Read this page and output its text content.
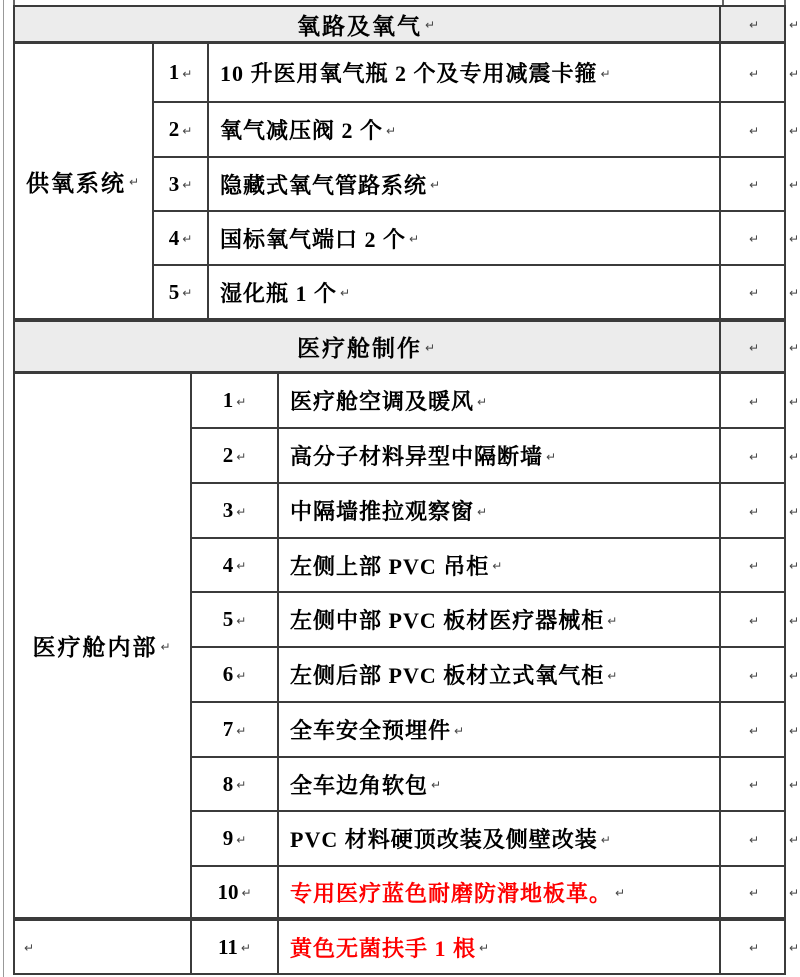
氧路及氧气 ↵	↵ ↵
供氧系统 ↵
1 ↵ 10 升医用氧气瓶 2 个及专用减震卡箍 ↵	↵ ↵
2 ↵ 氧气减压阀 2 个 ↵	↵ ↵
3 ↵ 隐藏式氧气管路系统 ↵	↵ ↵
4 ↵ 国标氧气端口 2 个 ↵	↵ ↵
5 ↵ 湿化瓶 1 个 ↵	↵ ↵
医疗舱制作 ↵	↵ ↵
医疗舱内部 ↵
1 ↵ 医疗舱空调及暖风 ↵	↵ ↵
2 ↵ 高分子材料异型中隔断墙 ↵	↵ ↵
3 ↵ 中隔墙推拉观察窗 ↵	↵ ↵
4 ↵ 左侧上部 PVC 吊柜 ↵	↵ ↵
5 ↵ 左侧中部 PVC 板材医疗器械柜 ↵	↵ ↵
6 ↵ 左侧后部 PVC 板材立式氧气柜 ↵	↵ ↵
7 ↵ 全车安全预埋件 ↵	↵ ↵
8 ↵ 全车边角软包 ↵	↵ ↵
9 ↵ PVC 材料硬顶改装及侧壁改装 ↵	↵ ↵
10 ↵ 专用医疗蓝色耐磨防滑地板革。 ↵	↵ ↵
↵	11 ↵ 黄色无菌扶手 1 根 ↵	↵ ↵
